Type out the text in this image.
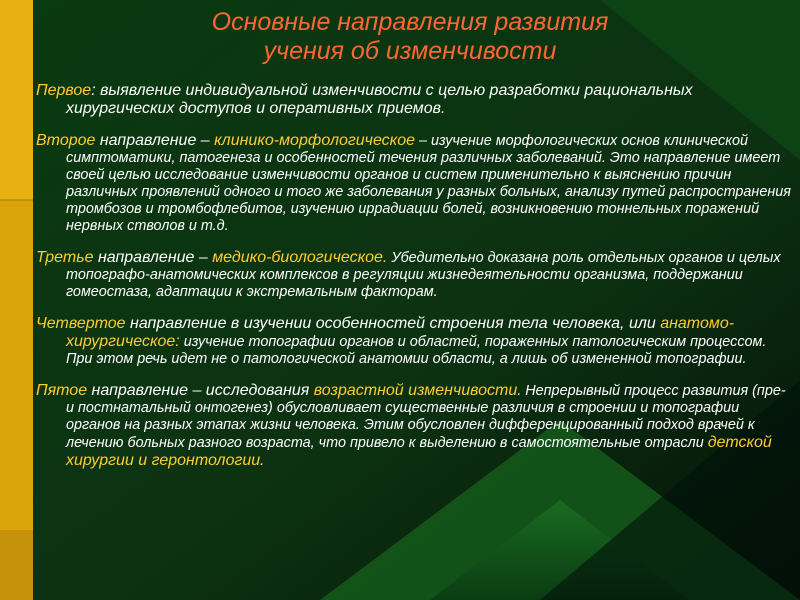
Основные направления развития
учения об изменчивости

Первое: выявление индивидуальной изменчивости с целью разработки рациональных хирургических доступов и оперативных приемов.

Второе направление – клинико-морфологическое – изучение морфологических основ клинической симптоматики, патогенеза и особенностей течения различных заболеваний. Это направление имеет своей целью исследование изменчивости органов и систем применительно к выяснению причин различных проявлений одного и того же заболевания у разных больных, анализу путей распространения тромбозов и тромбофлебитов, изучению иррадиации болей, возникновению тоннельных поражений нервных стволов и т.д.

Третье направление – медико-биологическое. Убедительно доказана роль отдельных органов и целых топографо-анатомических комплексов в регуляции жизнедеятельности организма, поддержании гомеостаза, адаптации к экстремальным факторам.

Четвертое направление в изучении особенностей строения тела человека, или анатомо-хирургическое: изучение топографии органов и областей, пораженных патологическим процессом. При этом речь идет не о патологической анатомии области, а лишь об измененной топографии.

Пятое направление – исследования возрастной изменчивости. Непрерывный процесс развития (пре- и постнатальный онтогенез) обусловливает существенные различия в строении и топографии органов на разных этапах жизни человека. Этим обусловлен дифференцированный подход врачей к лечению больных разного возраста, что привело к выделению в самостоятельные отрасли детской хирургии и геронтологии.
